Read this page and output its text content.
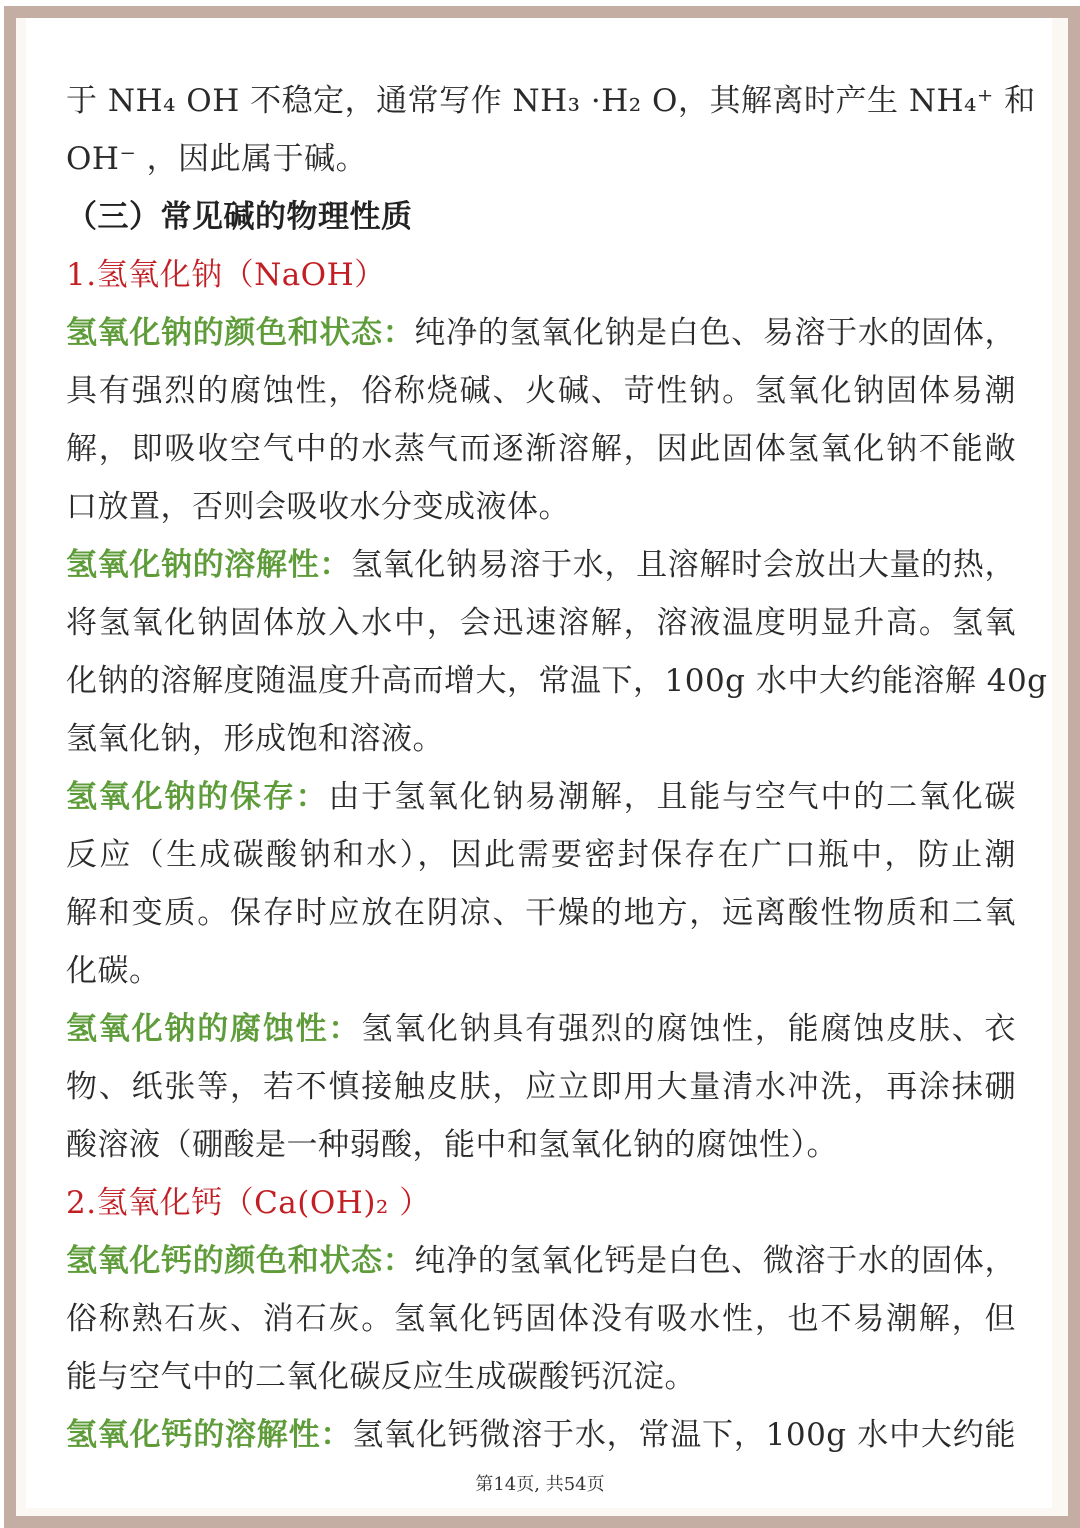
于 NH₄ OH 不稳定，通常写作 NH₃ ·H₂ O，其解离时产生 NH₄⁺ 和
OH⁻ ，因此属于碱。
（三）常见碱的物理性质
1.氢氧化钠（NaOH）
氢氧化钠的颜色和状态：纯净的氢氧化钠是白色、易溶于水的固体，
具有强烈的腐蚀性，俗称烧碱、火碱、苛性钠。氢氧化钠固体易潮
解，即吸收空气中的水蒸气而逐渐溶解，因此固体氢氧化钠不能敞
口放置，否则会吸收水分变成液体。
氢氧化钠的溶解性：氢氧化钠易溶于水，且溶解时会放出大量的热，
将氢氧化钠固体放入水中，会迅速溶解，溶液温度明显升高。氢氧
化钠的溶解度随温度升高而增大，常温下，100g 水中大约能溶解 40g
氢氧化钠，形成饱和溶液。
氢氧化钠的保存：由于氢氧化钠易潮解，且能与空气中的二氧化碳
反应（生成碳酸钠和水），因此需要密封保存在广口瓶中，防止潮
解和变质。保存时应放在阴凉、干燥的地方，远离酸性物质和二氧
化碳。
氢氧化钠的腐蚀性：氢氧化钠具有强烈的腐蚀性，能腐蚀皮肤、衣
物、纸张等，若不慎接触皮肤，应立即用大量清水冲洗，再涂抹硼
酸溶液（硼酸是一种弱酸，能中和氢氧化钠的腐蚀性）。
2.氢氧化钙（Ca(OH)₂ ）
氢氧化钙的颜色和状态：纯净的氢氧化钙是白色、微溶于水的固体，
俗称熟石灰、消石灰。氢氧化钙固体没有吸水性，也不易潮解，但
能与空气中的二氧化碳反应生成碳酸钙沉淀。
氢氧化钙的溶解性：氢氧化钙微溶于水，常温下，100g 水中大约能
第14页, 共54页
